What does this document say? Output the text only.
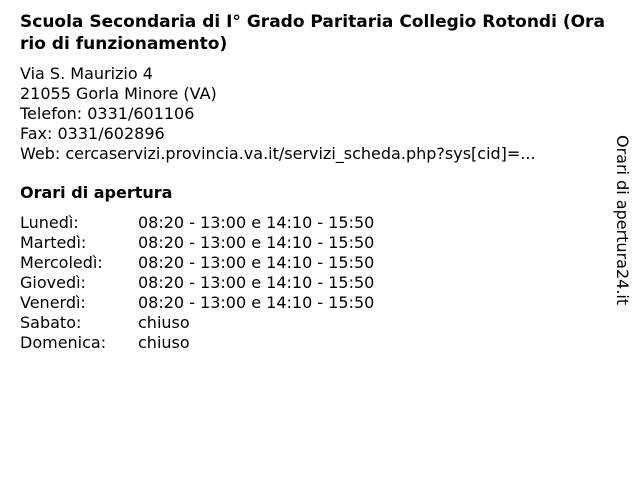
Scuola Secondaria di I° Grado Paritaria Collegio Rotondi (Orario di funzionamento)
Via S. Maurizio 4
21055 Gorla Minore (VA)
Telefon: 0331/601106
Fax: 0331/602896
Web: cercaservizi.provincia.va.it/servizi_scheda.php?sys[cid]=...
Orari di apertura
Lunedì:	08:20 - 13:00 e 14:10 - 15:50
Martedì:	08:20 - 13:00 e 14:10 - 15:50
Mercoledì: 08:20 - 13:00 e 14:10 - 15:50
Giovedì:	08:20 - 13:00 e 14:10 - 15:50
Venerdì:	08:20 - 13:00 e 14:10 - 15:50
Sabato:	chiuso
Domenica: chiuso
Orari di apertura24.it
